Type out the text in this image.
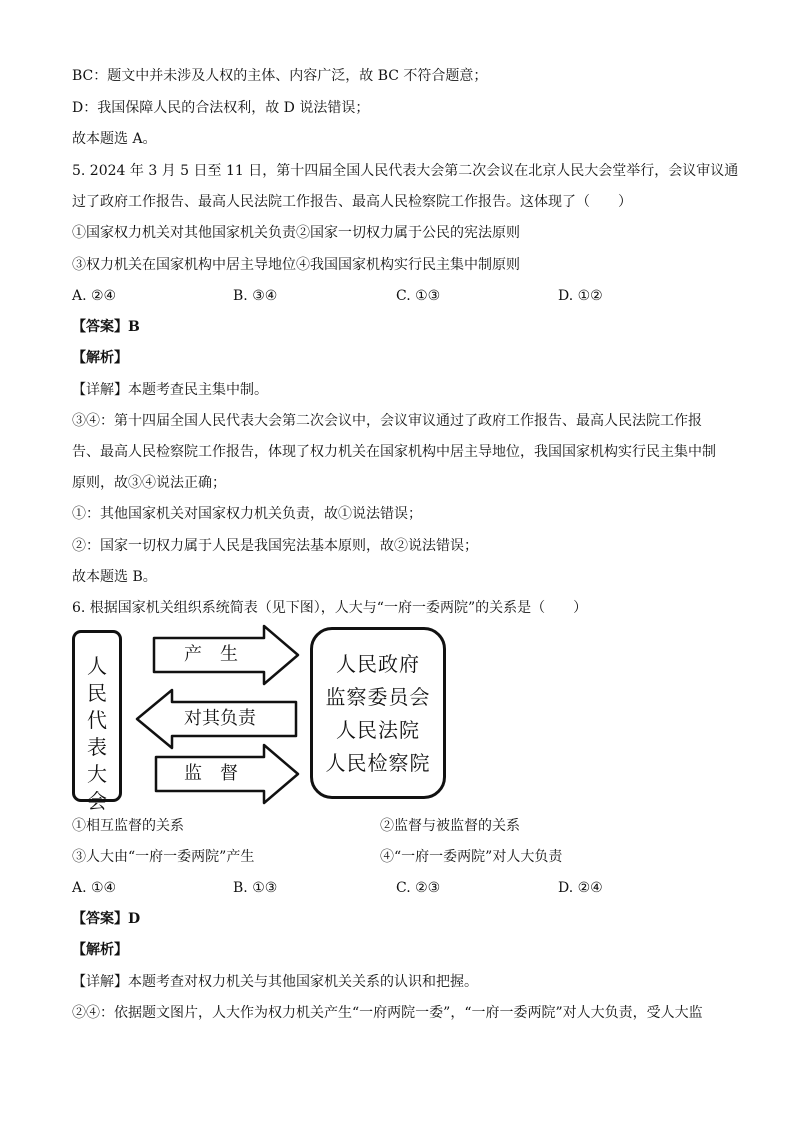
BC：题文中并未涉及人权的主体、内容广泛，故 BC 不符合题意；
D：我国保障人民的合法权利，故 D 说法错误；
故本题选 A。
5. 2024 年 3 月 5 日至 11 日，第十四届全国人民代表大会第二次会议在北京人民大会堂举行，会议审议通
过了政府工作报告、最高人民法院工作报告、最高人民检察院工作报告。这体现了（　　）
①国家权力机关对其他国家机关负责②国家一切权力属于公民的宪法原则
③权力机关在国家机构中居主导地位④我国国家机构实行民主集中制原则
A. ②④	B. ③④	C. ①③	D. ①②
【答案】B
【解析】
【详解】本题考查民主集中制。
③④：第十四届全国人民代表大会第二次会议中，会议审议通过了政府工作报告、最高人民法院工作报
告、最高人民检察院工作报告，体现了权力机关在国家机构中居主导地位，我国国家机构实行民主集中制
原则，故③④说法正确；
①：其他国家机关对国家权力机关负责，故①说法错误；
②：国家一切权力属于人民是我国宪法基本原则，故②说法错误；
故本题选 B。
6. 根据国家机关组织系统简表（见下图），人大与“一府一委两院”的关系是（　　）
产　生
对其负责
监　督
人
民
代
表
大
会
人民政府
监察委员会
人民法院
人民检察院
①相互监督的关系	②监督与被监督的关系
③人大由“一府一委两院”产生	④“一府一委两院”对人大负责
A. ①④	B. ①③	C. ②③	D. ②④
【答案】D
【解析】
【详解】本题考查对权力机关与其他国家机关关系的认识和把握。
②④：依据题文图片，人大作为权力机关产生“一府两院一委”，“一府一委两院”对人大负责，受人大监
